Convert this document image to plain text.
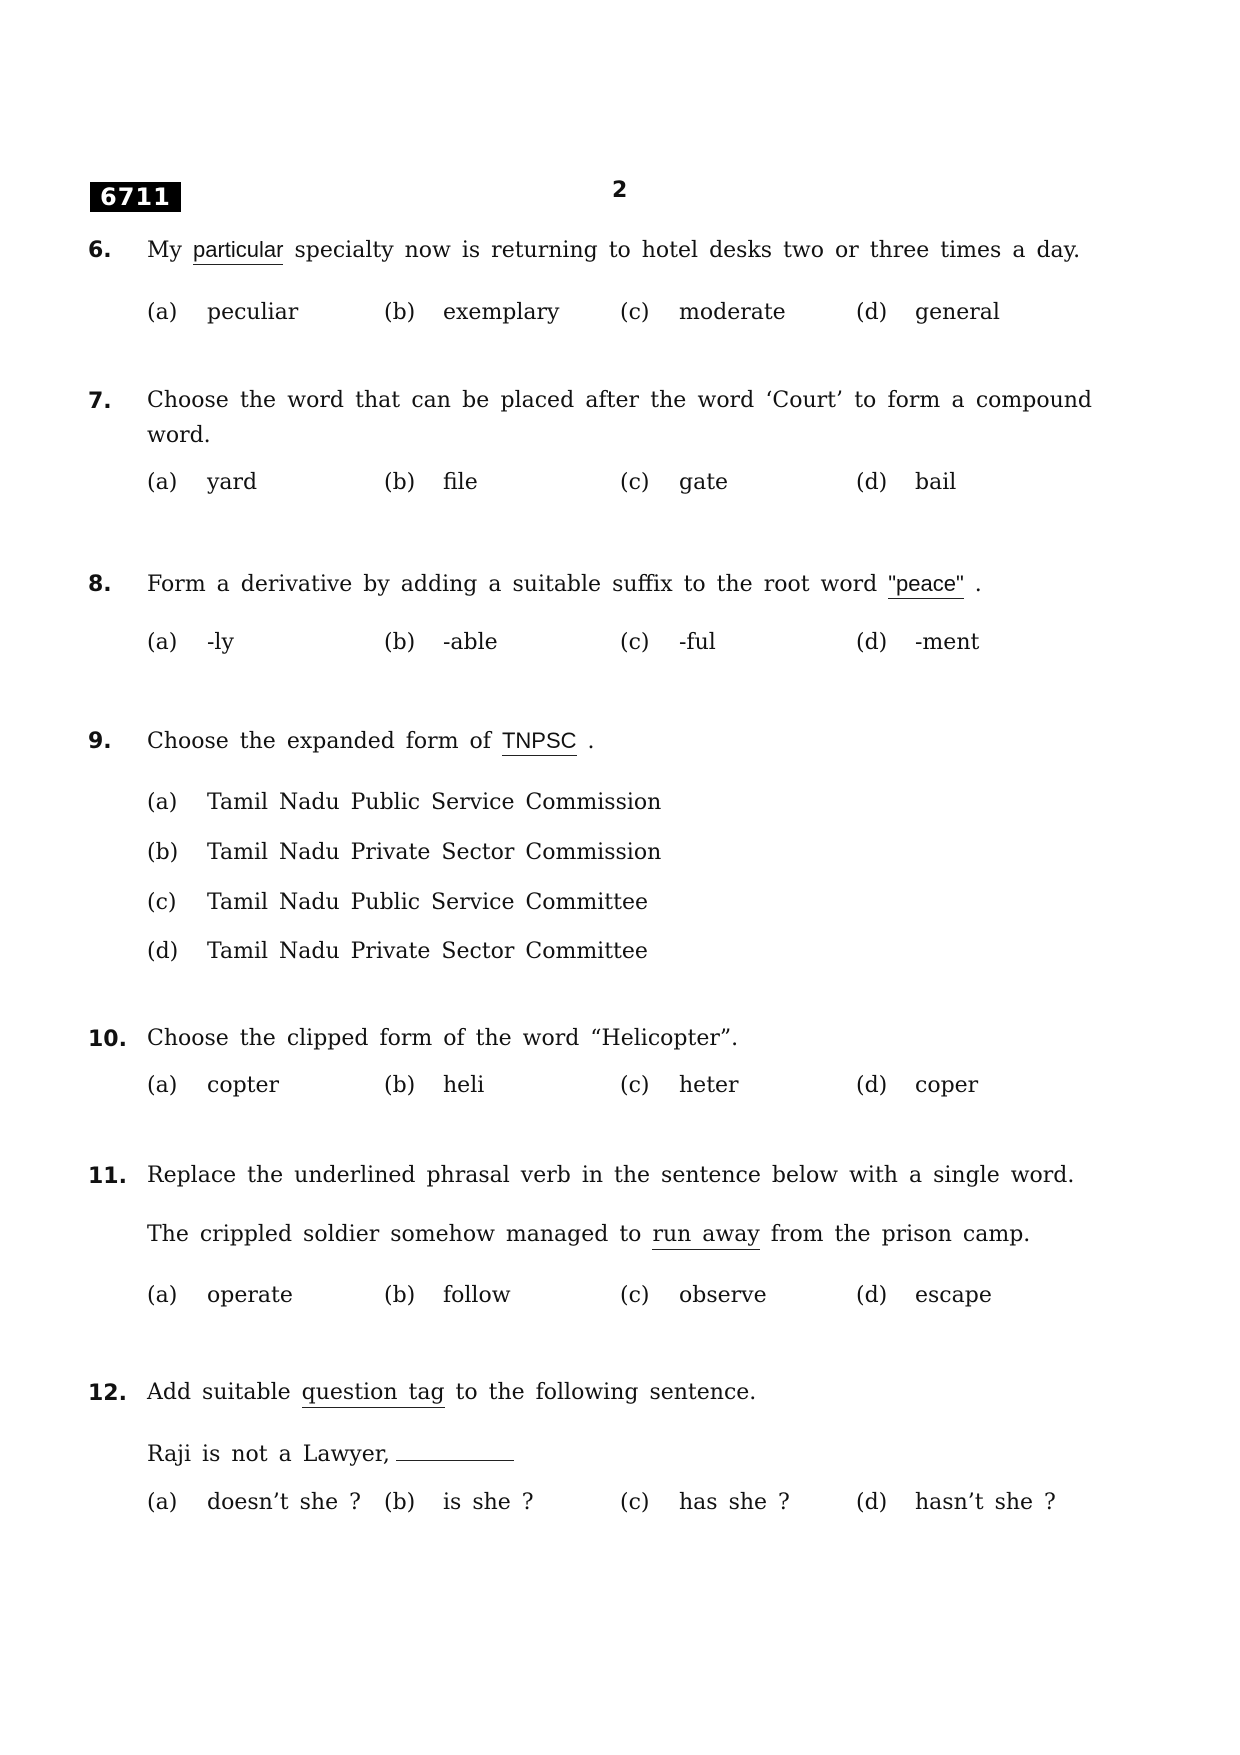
6711	2
6. My particular specialty now is returning to hotel desks two or three times a day.
(a) peculiar	(b) exemplary	(c) moderate	(d) general
7. Choose the word that can be placed after the word ‘Court’ to form a compound
word.
(a) yard	(b) file	(c) gate	(d) bail
8. Form a derivative by adding a suitable suffix to the root word "peace" .
(a) -ly	(b) -able	(c) -ful	(d) -ment
9. Choose the expanded form of TNPSC .
(a) Tamil Nadu Public Service Commission
(b) Tamil Nadu Private Sector Commission
(c) Tamil Nadu Public Service Committee
(d) Tamil Nadu Private Sector Committee
10. Choose the clipped form of the word “Helicopter”.
(a) copter	(b) heli	(c) heter	(d) coper
11. Replace the underlined phrasal verb in the sentence below with a single word.
The crippled soldier somehow managed to run away from the prison camp.
(a) operate	(b) follow	(c) observe	(d) escape
12. Add suitable question tag to the following sentence.
Raji is not a Lawyer,
(a) doesn’t she ? (b) is she ?	(c) has she ?	(d) hasn’t she ?
